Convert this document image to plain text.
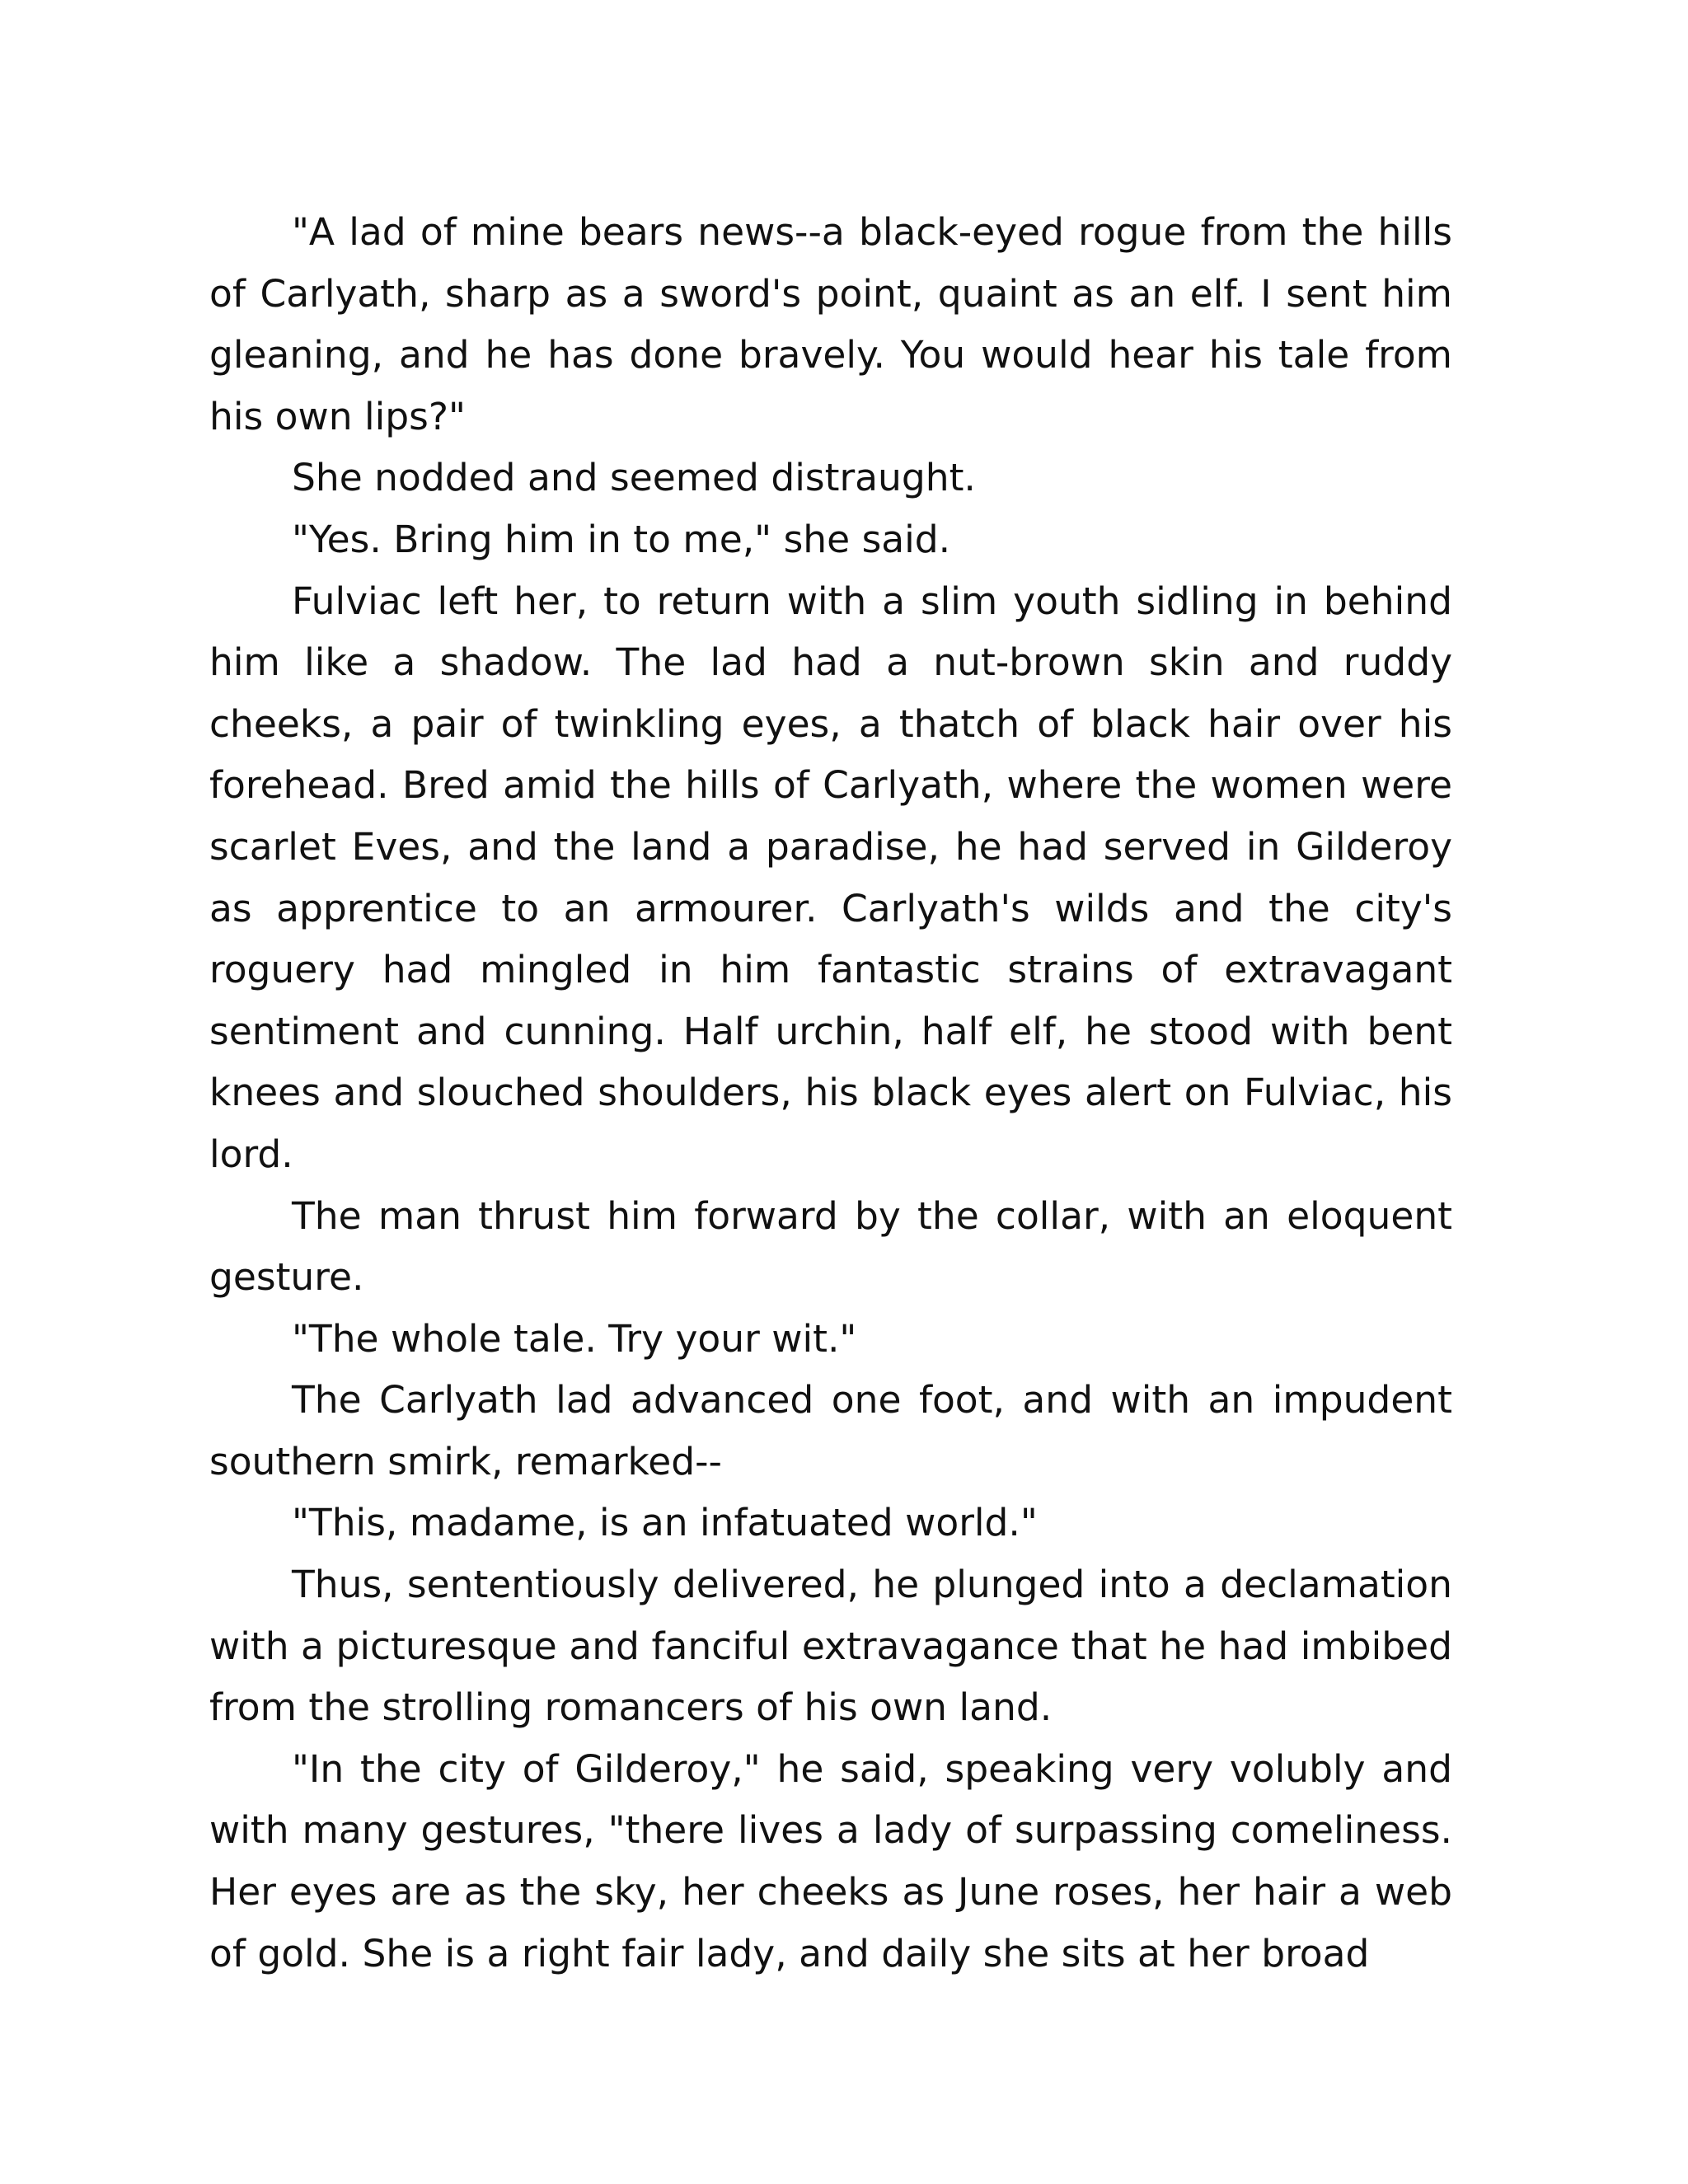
"A lad of mine bears news--a black-eyed rogue from the hills of Carlyath, sharp as a sword's point, quaint as an elf. I sent him gleaning, and he has done bravely. You would hear his tale from his own lips?"

She nodded and seemed distraught.

"Yes. Bring him in to me," she said.

Fulviac left her, to return with a slim youth sidling in behind him like a shadow. The lad had a nut-brown skin and ruddy cheeks, a pair of twinkling eyes, a thatch of black hair over his forehead. Bred amid the hills of Carlyath, where the women were scarlet Eves, and the land a paradise, he had served in Gilderoy as apprentice to an armourer. Carlyath's wilds and the city's roguery had mingled in him fantastic strains of extravagant sentiment and cunning. Half urchin, half elf, he stood with bent knees and slouched shoulders, his black eyes alert on Fulviac, his lord.

The man thrust him forward by the collar, with an eloquent gesture.

"The whole tale. Try your wit."

The Carlyath lad advanced one foot, and with an impudent southern smirk, remarked--

"This, madame, is an infatuated world."

Thus, sententiously delivered, he plunged into a declamation with a picturesque and fanciful extravagance that he had imbibed from the strolling romancers of his own land.

"In the city of Gilderoy," he said, speaking very volubly and with many gestures, "there lives a lady of surpassing comeliness. Her eyes are as the sky, her cheeks as June roses, her hair a web of gold. She is a right fair lady, and daily she sits at her broad
